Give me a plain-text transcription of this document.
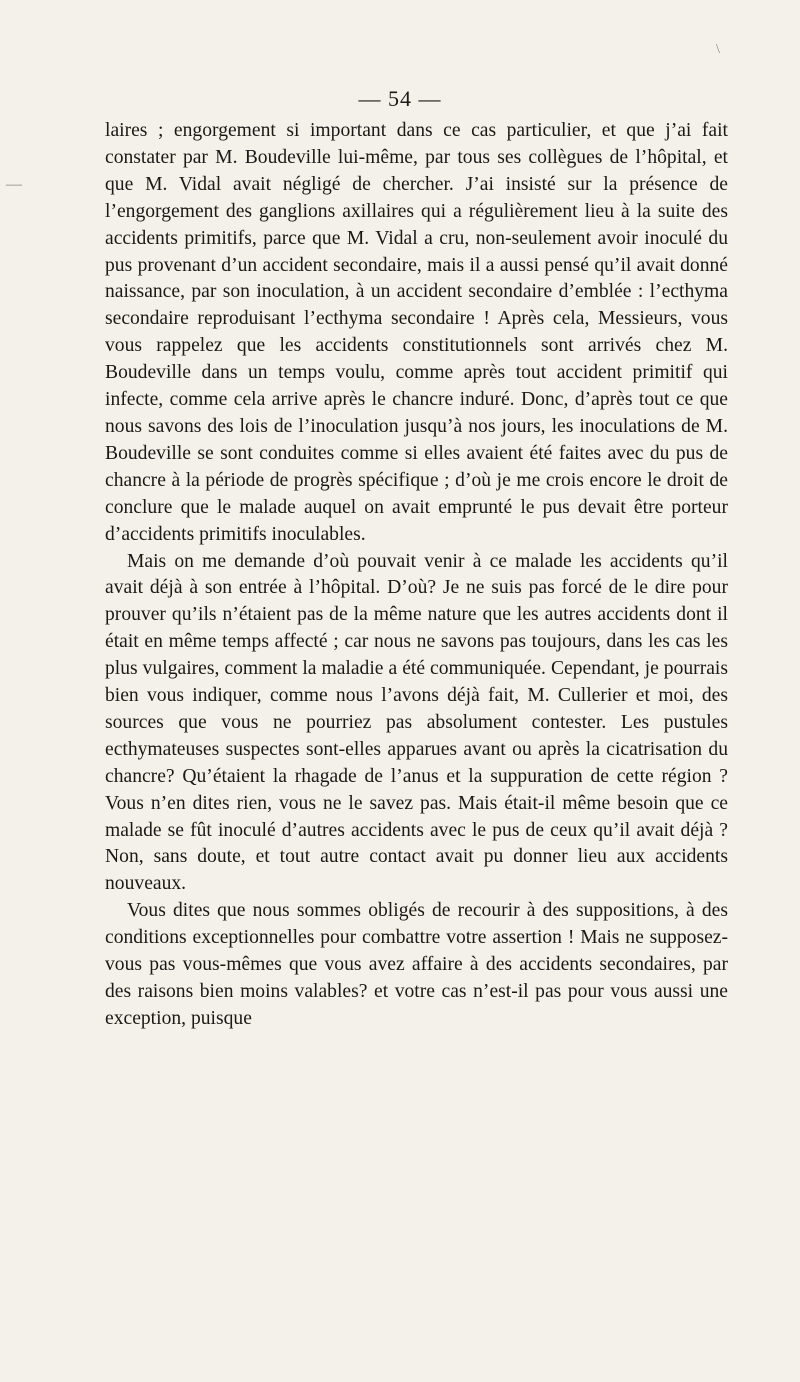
\
—
— 54 —

laires ; engorgement si important dans ce cas particulier, et que j’ai fait constater par M. Boudeville lui-même, par tous ses collègues de l’hôpital, et que M. Vidal avait négligé de chercher. J’ai insisté sur la présence de l’engorgement des ganglions axillaires qui a régulièrement lieu à la suite des accidents primitifs, parce que M. Vidal a cru, non-seulement avoir inoculé du pus provenant d’un accident secondaire, mais il a aussi pensé qu’il avait donné naissance, par son inoculation, à un accident secondaire d’emblée : l’ecthyma secondaire reproduisant l’ecthyma secondaire ! Après cela, Messieurs, vous vous rappelez que les accidents constitutionnels sont arrivés chez M. Boudeville dans un temps voulu, comme après tout accident primitif qui infecte, comme cela arrive après le chancre induré. Donc, d’après tout ce que nous savons des lois de l’inoculation jusqu’à nos jours, les inoculations de M. Boudeville se sont conduites comme si elles avaient été faites avec du pus de chancre à la période de progrès spécifique ; d’où je me crois encore le droit de conclure que le malade auquel on avait emprunté le pus devait être porteur d’accidents primitifs inoculables.

Mais on me demande d’où pouvait venir à ce malade les accidents qu’il avait déjà à son entrée à l’hôpital. D’où? Je ne suis pas forcé de le dire pour prouver qu’ils n’étaient pas de la même nature que les autres accidents dont il était en même temps affecté ; car nous ne savons pas toujours, dans les cas les plus vulgaires, comment la maladie a été communiquée. Cependant, je pourrais bien vous indiquer, comme nous l’avons déjà fait, M. Cullerier et moi, des sources que vous ne pourriez pas absolument contester. Les pustules ecthymateuses suspectes sont-elles apparues avant ou après la cicatrisation du chancre? Qu’étaient la rhagade de l’anus et la suppuration de cette région ? Vous n’en dites rien, vous ne le savez pas. Mais était-il même besoin que ce malade se fût inoculé d’autres accidents avec le pus de ceux qu’il avait déjà ? Non, sans doute, et tout autre contact avait pu donner lieu aux accidents nouveaux.

Vous dites que nous sommes obligés de recourir à des suppositions, à des conditions exceptionnelles pour combattre votre assertion ! Mais ne supposez-vous pas vous-mêmes que vous avez affaire à des accidents secondaires, par des raisons bien moins valables? et votre cas n’est-il pas pour vous aussi une exception, puisque
